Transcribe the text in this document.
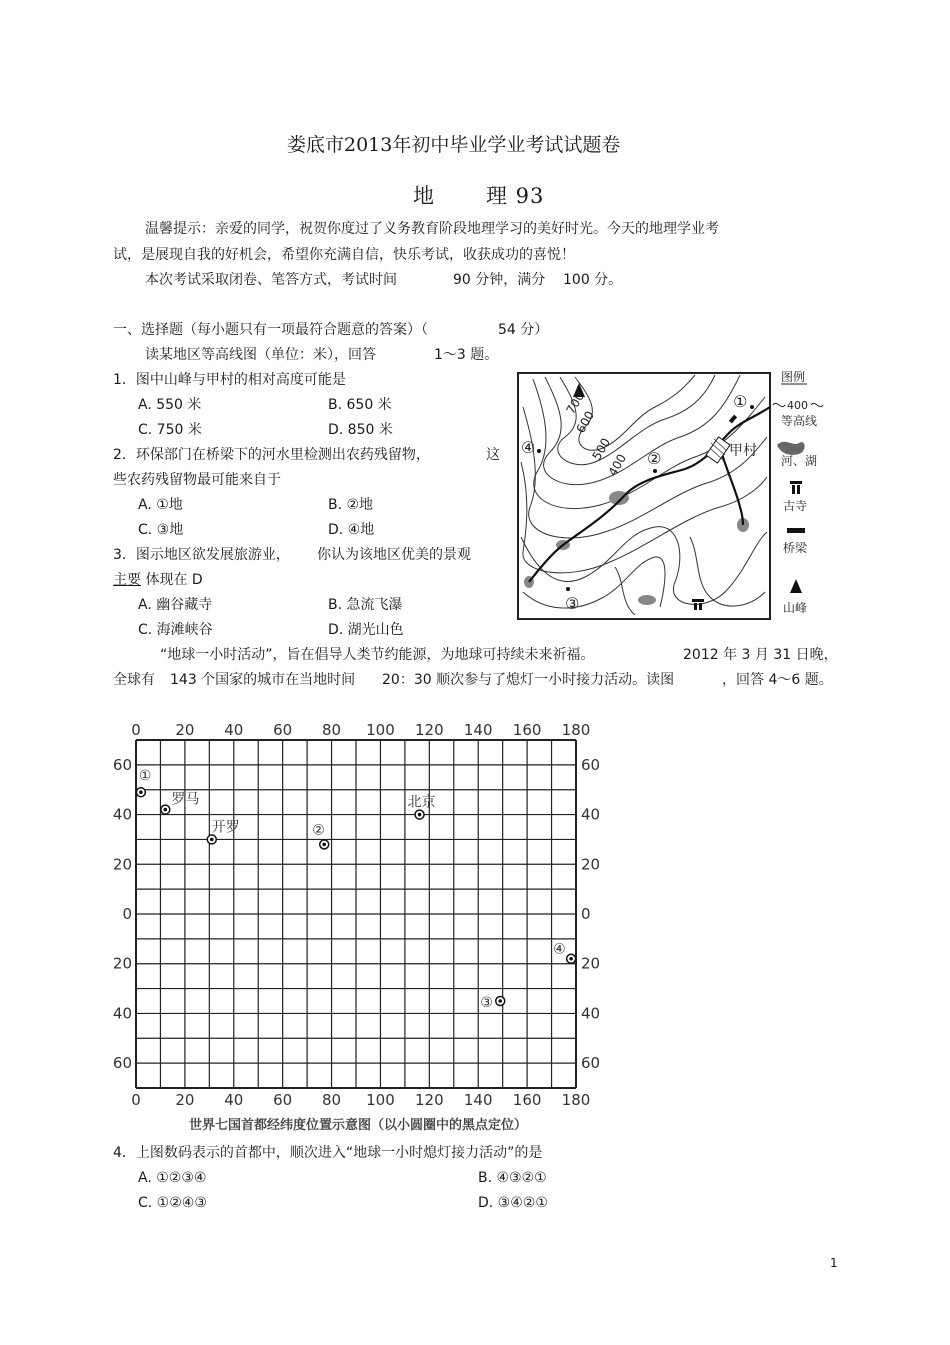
娄底市2013年初中毕业学业考试试题卷
地 理 93
温馨提示：亲爱的同学，祝贺你度过了义务教育阶段地理学习的美好时光。今天的地理学业考
试，是展现自我的好机会，希望你充满自信，快乐考试，收获成功的喜悦！
本次考试采取闭卷、笔答方式，考试时间	90 分钟，满分 100 分。
一、选择题（每小题只有一项最符合题意的答案）（	54 分）
读某地区等高线图（单位：米），回答	1～3 题。
1．图中山峰与甲村的相对高度可能是
A. 550 米	B. 650 米
C. 750 米	D. 850 米
2．环保部门在桥梁下的河水里检测出农药残留物，	这
些农药残留物最可能来自于
A. ①地	B. ②地
C. ③地	D. ④地
3．图示地区欲发展旅游业， 你认为该地区优美的景观
主要 体现在 D
A. 幽谷藏寺	B. 急流飞瀑
C. 海滩峡谷	D. 湖光山色
700
600
500
400
①
②
③
④	甲村
图例
400
等高线
河、湖
古寺
桥梁
山峰
“地球一小时活动”，旨在倡导人类节约能源，为地球可持续未来祈福。	2012 年 3 月 31 日晚，
全球有 143 个国家的城市在当地时间 20：30 顺次参与了熄灯一小时接力活动。读图	，回答 4～6 题。
0 20 40 60 80 100 120 140 160 180
0 20 40 60 80 100 120 140 160 180
60
40
20
0
20
40
60
60
40
20
0
20
40
60
①
罗马
开罗	②
北京
④
③
世界七国首都经纬度位置示意图（以小圆圈中的黑点定位）
4．上图数码表示的首都中，顺次进入“地球一小时熄灯接力活动”的是
A. ①②③④	B. ④③②①
C. ①②④③	D. ③④②①
1
